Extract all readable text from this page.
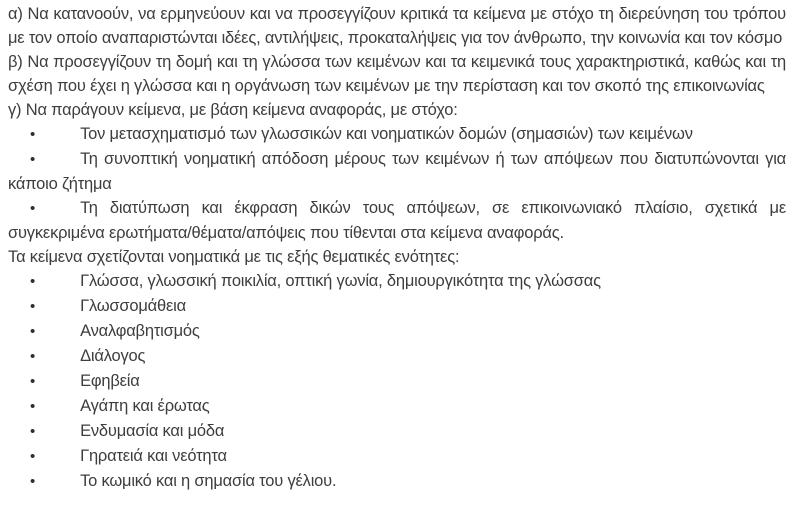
α) Να κατανοούν, να ερμηνεύουν και να προσεγγίζουν κριτικά τα κείμενα με στόχο τη διερεύνηση του τρόπου με τον οποίο αναπαριστώνται ιδέες, αντιλήψεις, προκαταλήψεις για τον άνθρωπο, την κοινωνία και τον κόσμο
β) Να προσεγγίζουν τη δομή και τη γλώσσα των κειμένων και τα κειμενικά τους χαρακτηριστικά, καθώς και τη σχέση που έχει η γλώσσα και η οργάνωση των κειμένων με την περίσταση και τον σκοπό της επικοινωνίας
γ) Να παράγουν κείμενα, με βάση κείμενα αναφοράς, με στόχο:
•	Τον μετασχηματισμό των γλωσσικών και νοηματικών δομών (σημασιών) των κειμένων
•	Τη συνοπτική νοηματική απόδοση μέρους των κειμένων ή των απόψεων που διατυπώνονται για κάποιο ζήτημα
•	Τη διατύπωση και έκφραση δικών τους απόψεων, σε επικοινωνιακό πλαίσιο, σχετικά με συγκεκριμένα ερωτήματα/θέματα/απόψεις που τίθενται στα κείμενα αναφοράς.
Τα κείμενα σχετίζονται νοηματικά με τις εξής θεματικές ενότητες:
•	Γλώσσα, γλωσσική ποικιλία, οπτική γωνία, δημιουργικότητα της γλώσσας
•	Γλωσσομάθεια
•	Αναλφαβητισμός
•	Διάλογος
•	Εφηβεία
•	Αγάπη και έρωτας
•	Ενδυμασία και μόδα
•	Γηρατειά και νεότητα
•	Το κωμικό και η σημασία του γέλιου.
